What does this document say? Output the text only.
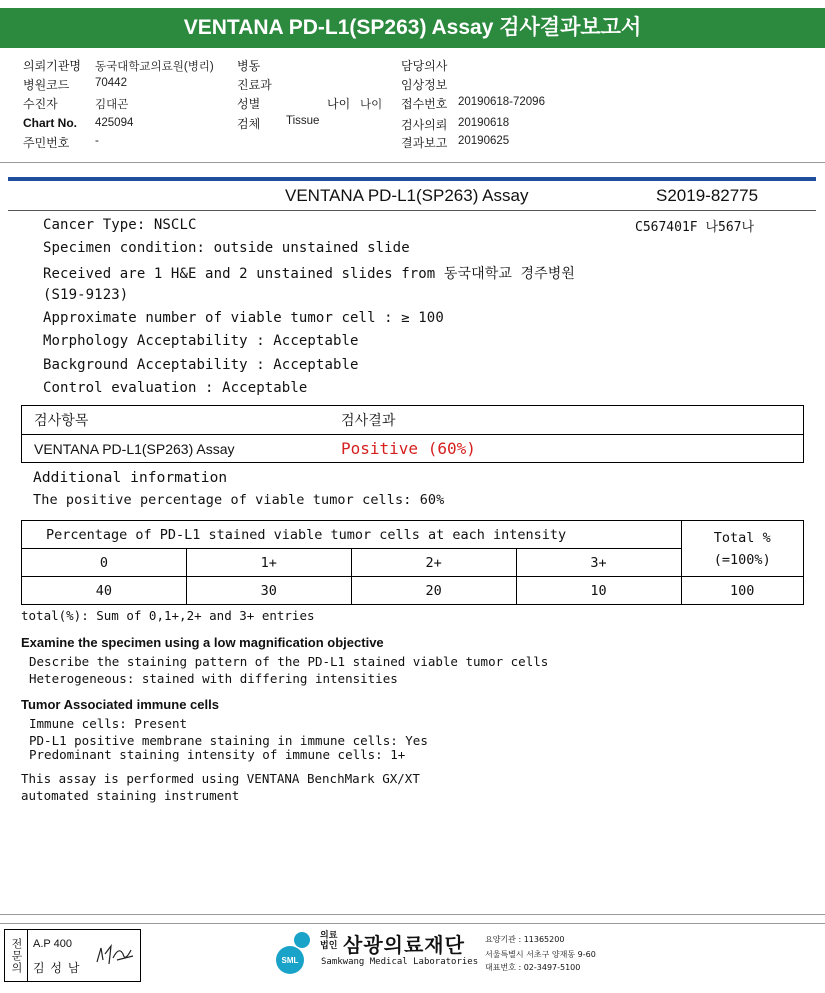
VENTANA PD-L1(SP263) Assay 검사결과보고서
의뢰기관명 동국대학교의료원(병리)
병원코드 70442
수진자	김대곤
Chart No. 425094
주민번호 -
병동
진료과
성별	나이 나이
검체 Tissue
담당의사
임상정보
접수번호 20190618-72096
검사의뢰 20190618
결과보고 20190625
VENTANA PD-L1(SP263) Assay	S2019-82775
C567401F 나567나
Cancer Type: NSCLC
Specimen condition: outside unstained slide
Received are 1 H&E and 2 unstained slides from 동국대학교 경주병원
(S19-9123)
Approximate number of viable tumor cell : ≥ 100
Morphology Acceptability : Acceptable
Background Acceptability : Acceptable
Control evaluation : Acceptable
검사항목	검사결과
VENTANA PD-L1(SP263) Assay	Positive (60%)
Additional information
The positive percentage of viable tumor cells: 60%
Percentage of PD-L1 stained viable tumor cells at each intensity				Total %
(=100%)

0	1+	2+	3+	
40	30	20	10	100
total(%): Sum of 0,1+,2+ and 3+ entries
Examine the specimen using a low magnification objective
Describe the staining pattern of the PD-L1 stained viable tumor cells
Heterogeneous: stained with differing intensities
Tumor Associated immune cells
Immune cells: Present
PD-L1 positive membrane staining in immune cells: Yes
Predominant staining intensity of immune cells: 1+
This assay is performed using VENTANA BenchMark GX/XT
automated staining instrument
전문의 A.P 400
김 성 남
SML
의료
법인 삼광의료재단
Samkwang Medical Laboratories
요양기관 : 11365200
서울특별시 서초구 양재동 9-60
대표번호 : 02-3497-5100
